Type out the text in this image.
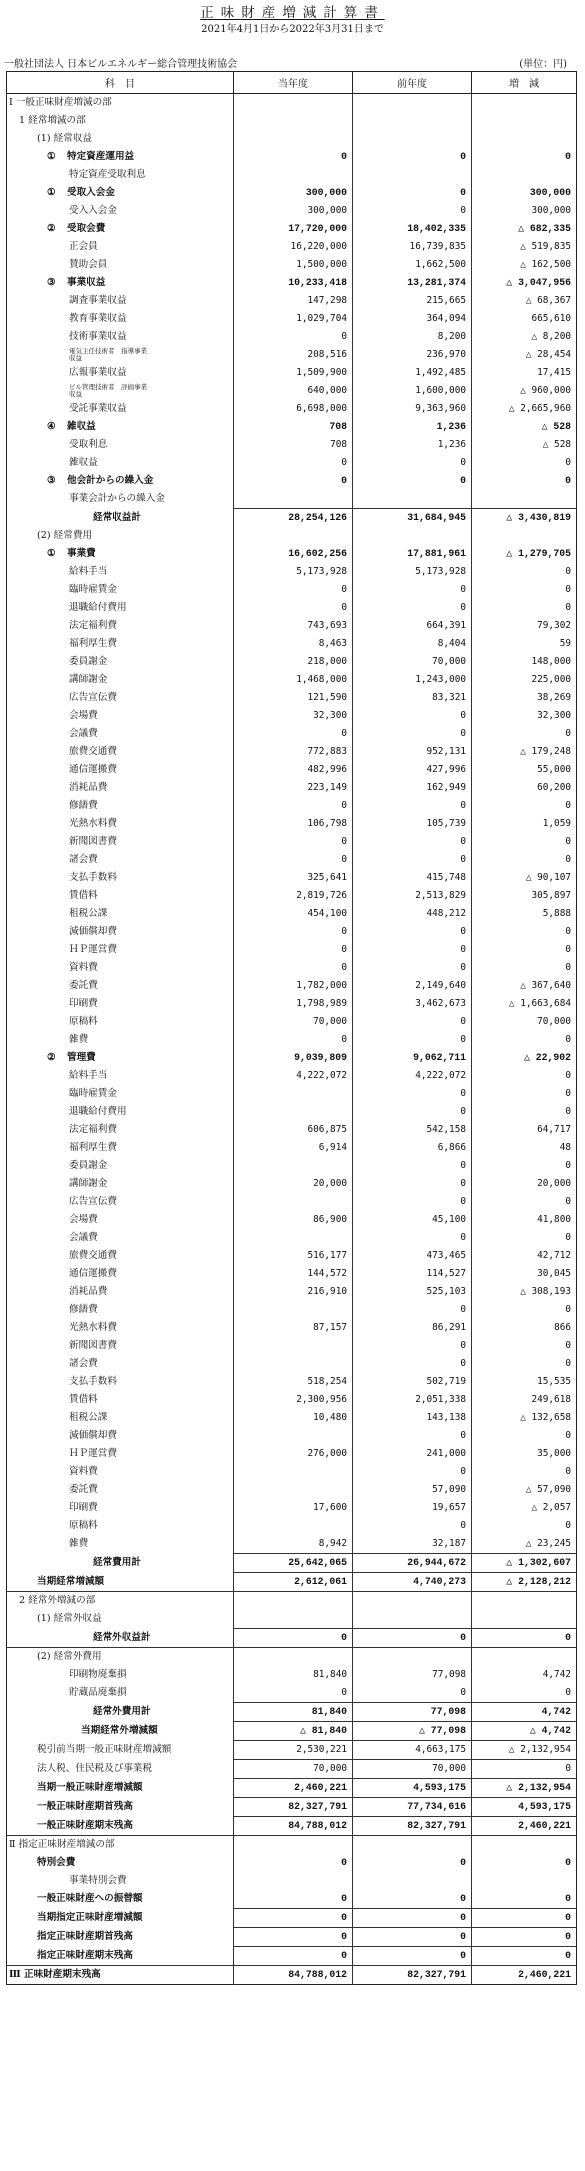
正味財産増減計算書
2021年4月1日から2022年3月31日まで
一般社団法人 日本ビルエネルギー総合管理技術協会	(単位：円)
科　目	当年度	前年度	増　減
Ⅰ 一般正味財産増減の部			
1 経常増減の部			
(1) 経常収益			
① 特定資産運用益	0	0	0
特定資産受取利息			
① 受取入会金	300,000	0	300,000
受入入会金	300,000	0	300,000
② 受取会費	17,720,000	18,402,335	△ 682,335
正会員	16,220,000	16,739,835	△ 519,835
賛助会員	1,500,000	1,662,500	△ 162,500
③ 事業収益	10,233,418	13,281,374	△ 3,047,956
調査事業収益	147,298	215,665	△ 68,367
教育事業収益	1,029,704	364,094	665,610
技術事業収益	0	8,200	△ 8,200
電気主任技術者　指導事業収益	208,516	236,970	△ 28,454
広報事業収益	1,509,900	1,492,485	17,415
ビル管理技術者　評価事業収益	640,000	1,600,000	△ 960,000
受託事業収益	6,698,000	9,363,960	△ 2,665,960
④ 雑収益	708	1,236	△ 528
受取利息	708	1,236	△ 528
雑収益	0	0	0
③ 他会計からの繰入金	0	0	0
事業会計からの繰入金			
経常収益計	28,254,126	31,684,945	△ 3,430,819
(2) 経常費用			
① 事業費	16,602,256	17,881,961	△ 1,279,705
給料手当	5,173,928	5,173,928	0
臨時雇賃金	0	0	0
退職給付費用	0	0	0
法定福利費	743,693	664,391	79,302
福利厚生費	8,463	8,404	59
委員謝金	218,000	70,000	148,000
講師謝金	1,468,000	1,243,000	225,000
広告宣伝費	121,590	83,321	38,269
会場費	32,300	0	32,300
会議費	0	0	0
旅費交通費	772,883	952,131	△ 179,248
通信運搬費	482,996	427,996	55,000
消耗品費	223,149	162,949	60,200
修繕費	0	0	0
光熱水料費	106,798	105,739	1,059
新聞図書費	0	0	0
諸会費	0	0	0
支払手数料	325,641	415,748	△ 90,107
賃借料	2,819,726	2,513,829	305,897
租税公課	454,100	448,212	5,888
減価償却費	0	0	0
ＨＰ運営費	0	0	0
資料費	0	0	0
委託費	1,782,000	2,149,640	△ 367,640
印刷費	1,798,989	3,462,673	△ 1,663,684
原稿料	70,000	0	70,000
雑費	0	0	0
② 管理費	9,039,809	9,062,711	△ 22,902
給料手当	4,222,072	4,222,072	0
臨時雇賃金		0	0
退職給付費用		0	0
法定福利費	606,875	542,158	64,717
福利厚生費	6,914	6,866	48
委員謝金		0	0
講師謝金	20,000	0	20,000
広告宣伝費		0	0
会場費	86,900	45,100	41,800
会議費		0	0
旅費交通費	516,177	473,465	42,712
通信運搬費	144,572	114,527	30,045
消耗品費	216,910	525,103	△ 308,193
修繕費		0	0
光熱水料費	87,157	86,291	866
新聞図書費		0	0
諸会費		0	0
支払手数料	518,254	502,719	15,535
賃借料	2,300,956	2,051,338	249,618
租税公課	10,480	143,138	△ 132,658
減価償却費		0	0
ＨＰ運営費	276,000	241,000	35,000
資料費		0	0
委託費		57,090	△ 57,090
印刷費	17,600	19,657	△ 2,057
原稿料		0	0
雑費	8,942	32,187	△ 23,245
経常費用計	25,642,065	26,944,672	△ 1,302,607
当期経常増減額	2,612,061	4,740,273	△ 2,128,212
2 経常外増減の部			
(1) 経常外収益			
経常外収益計	0	0	0
(2) 経常外費用			
印刷物廃棄損	81,840	77,098	4,742
貯蔵品廃棄損	0	0	0
経常外費用計	81,840	77,098	4,742
当期経常外増減額	△ 81,840	△ 77,098	△ 4,742
税引前当期一般正味財産増減額	2,530,221	4,663,175	△ 2,132,954
法人税、住民税及び事業税	70,000	70,000	0
当期一般正味財産増減額	2,460,221	4,593,175	△ 2,132,954
一般正味財産期首残高	82,327,791	77,734,616	4,593,175
一般正味財産期末残高	84,788,012	82,327,791	2,460,221
Ⅱ 指定正味財産増減の部			
特別会費	0	0	0
事業特別会費			
一般正味財産への振替額	0	0	0
当期指定正味財産増減額	0	0	0
指定正味財産期首残高	0	0	0
指定正味財産期末残高	0	0	0
Ⅲ 正味財産期末残高	84,788,012	82,327,791	2,460,221
